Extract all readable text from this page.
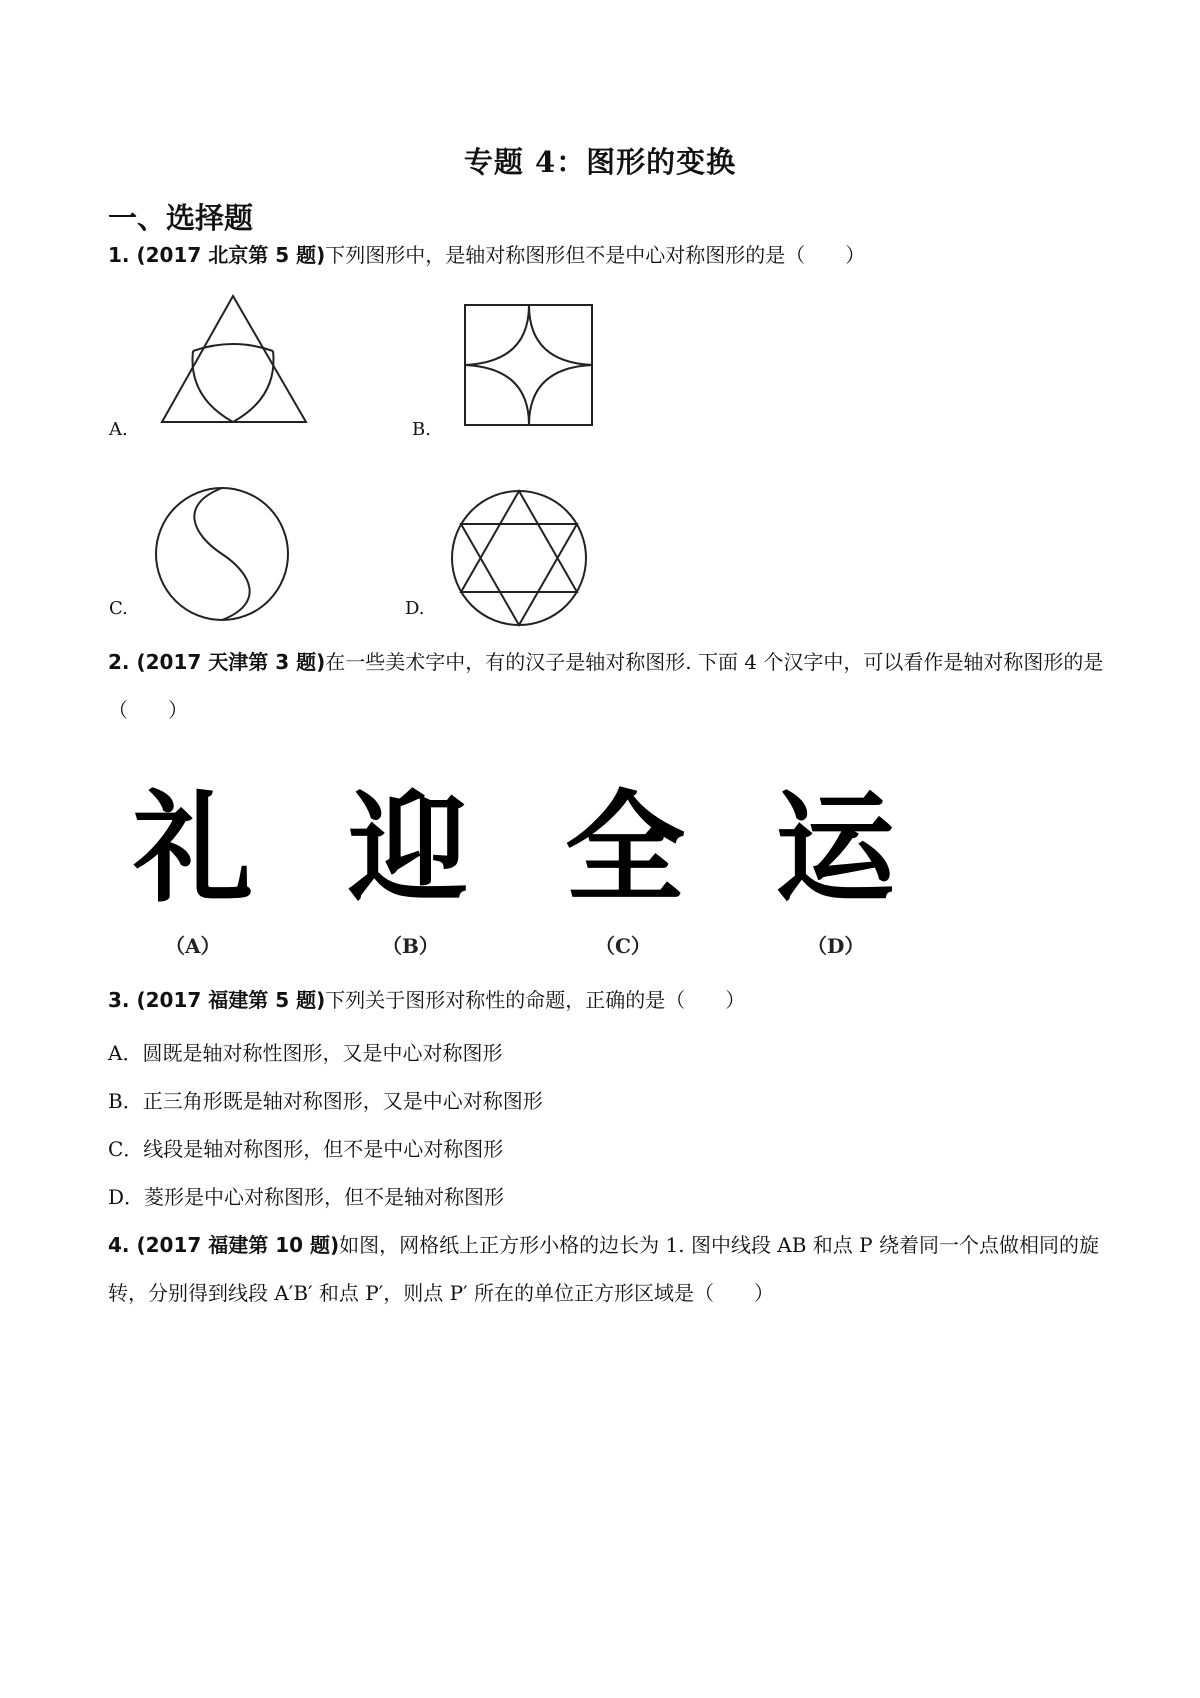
专题 4：图形的变换
一、选择题
1. (2017 北京第 5 题)下列图形中，是轴对称图形但不是中心对称图形的是（　　）
A.	B.
C.	D.
2. (2017 天津第 3 题)在一些美术字中，有的汉子是轴对称图形. 下面 4 个汉字中，可以看作是轴对称图形的是（　　）
礼
（A）
迎
（B）
全
（C）
运
（D）
3. (2017 福建第 5 题)下列关于图形对称性的命题，正确的是（　　）
A．圆既是轴对称性图形，又是中心对称图形
B．正三角形既是轴对称图形，又是中心对称图形
C．线段是轴对称图形，但不是中心对称图形
D．菱形是中心对称图形，但不是轴对称图形
4. (2017 福建第 10 题)如图，网格纸上正方形小格的边长为 1. 图中线段 AB 和点 P 绕着同一个点做相同的旋转，分别得到线段 A′B′ 和点 P′，则点 P′ 所在的单位正方形区域是（　　）
